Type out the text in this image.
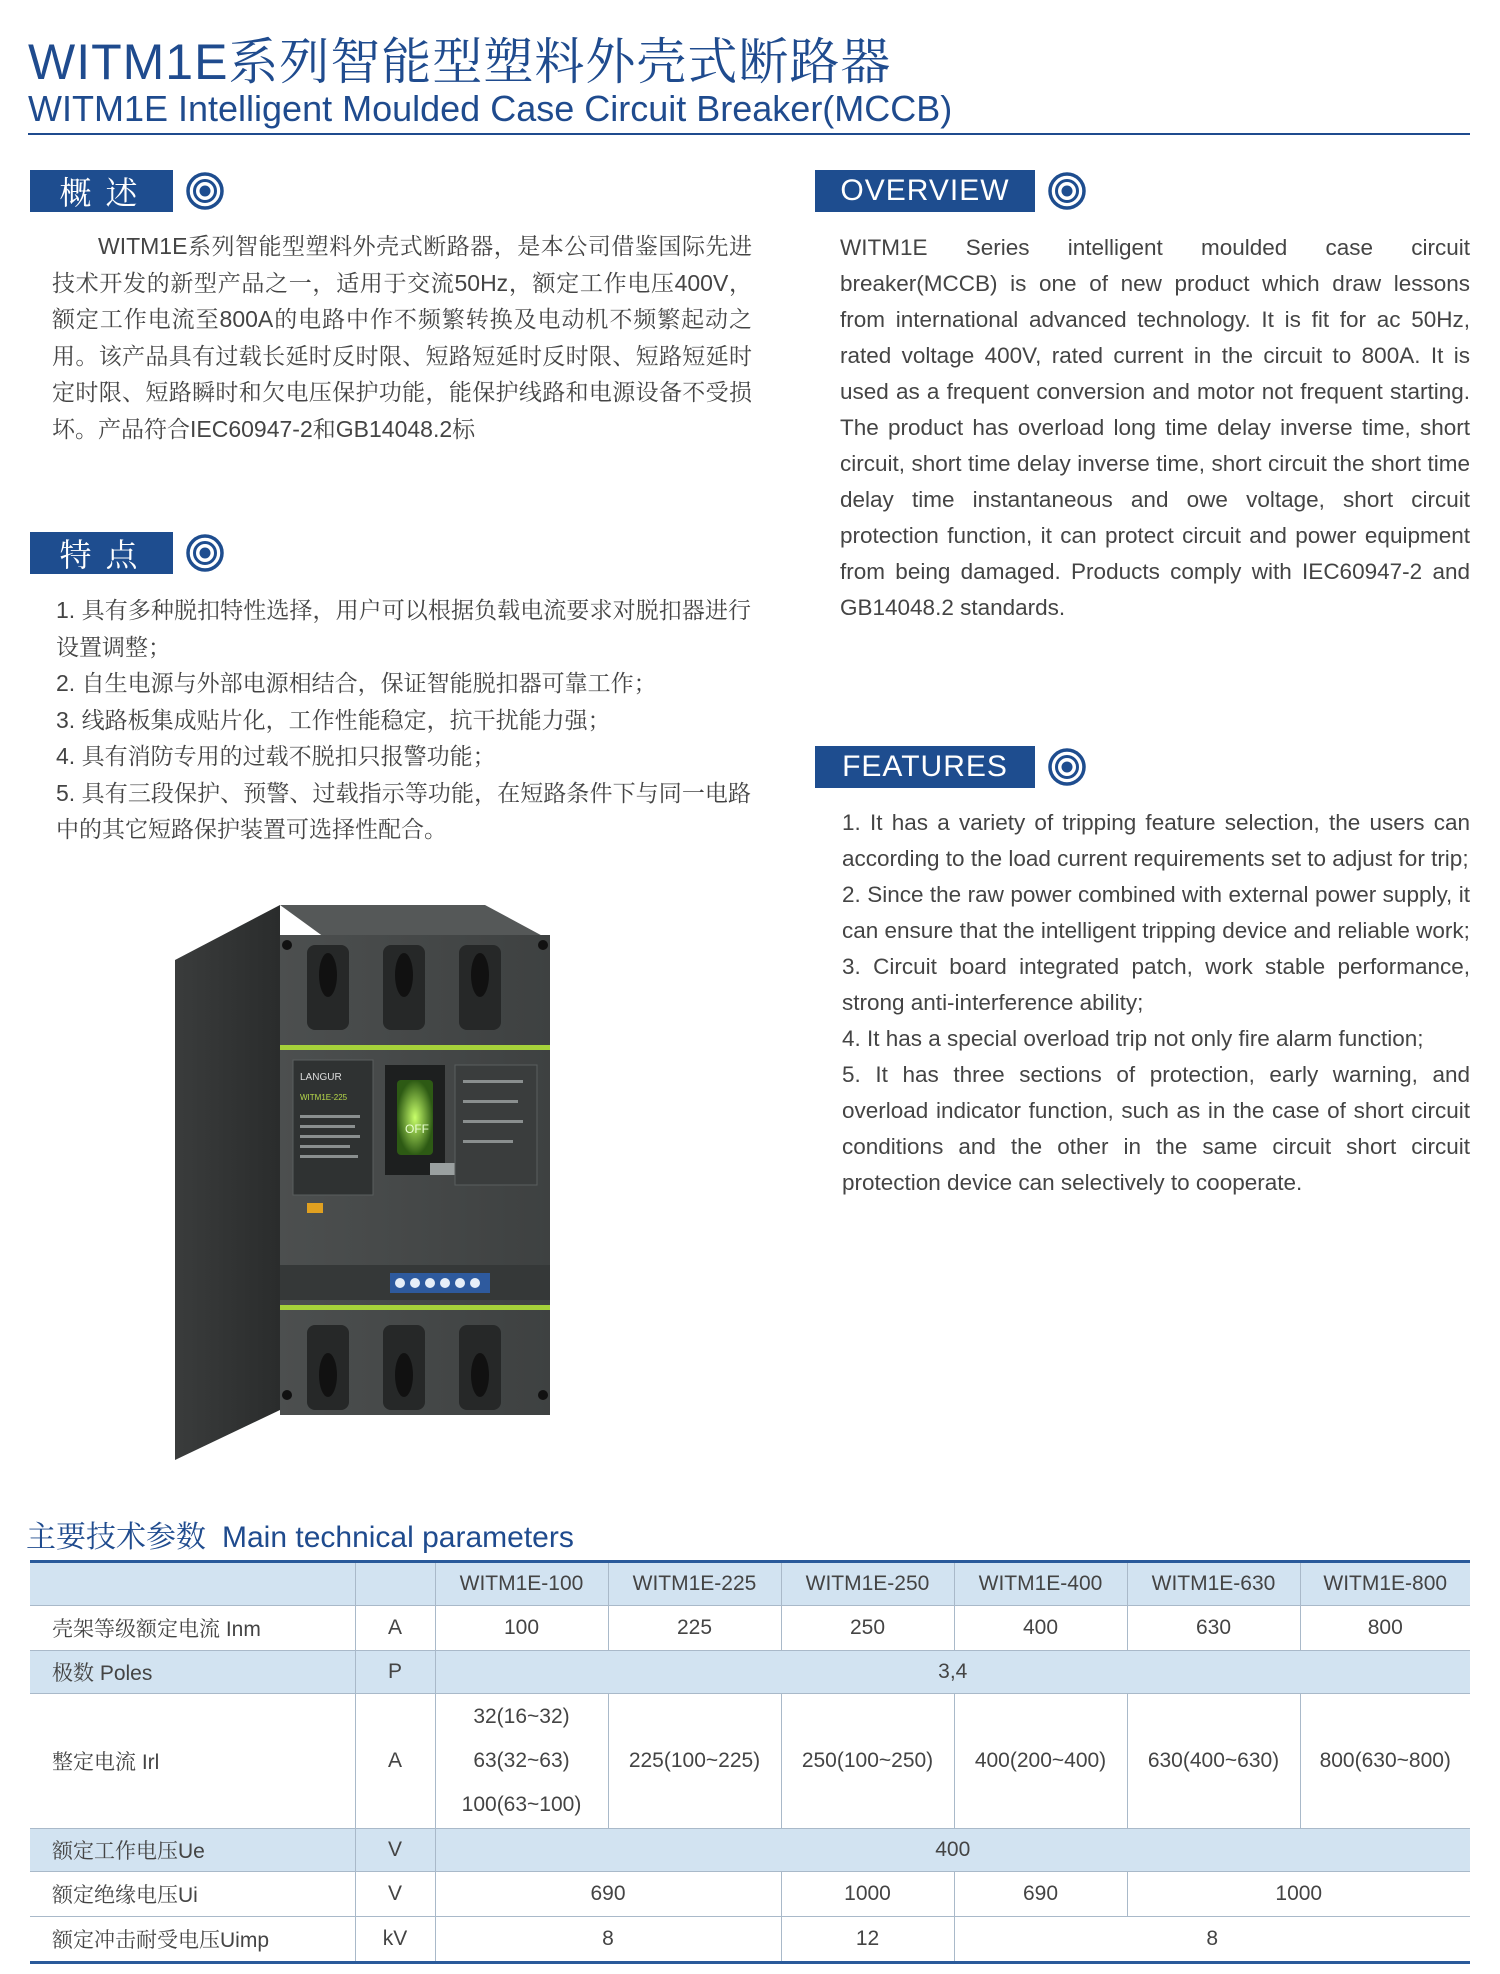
WITM1E系列智能型塑料外壳式断路器
WITM1E Intelligent Moulded Case Circuit Breaker(MCCB)
概述
WITM1E系列智能型塑料外壳式断路器，是本公司借鉴国际先进技术开发的新型产品之一，适用于交流50Hz，额定工作电压400V，额定工作电流至800A的电路中作不频繁转换及电动机不频繁起动之用。该产品具有过载长延时反时限、短路短延时反时限、短路短延时定时限、短路瞬时和欠电压保护功能，能保护线路和电源设备不受损坏。产品符合IEC60947-2和GB14048.2标
特点

1. 具有多种脱扣特性选择，用户可以根据负载电流要求对脱扣器进行设置调整；

2. 自生电源与外部电源相结合，保证智能脱扣器可靠工作；

3. 线路板集成贴片化，工作性能稳定，抗干扰能力强；

4. 具有消防专用的过载不脱扣只报警功能；

5. 具有三段保护、预警、过载指示等功能，在短路条件下与同一电路中的其它短路保护装置可选择性配合。

LANGUR
WITM1E-225
OFF
OVERVIEW
WITM1E Series intelligent moulded case circuit breaker(MCCB) is one of new product which draw lessons from international advanced technology. It is fit for ac 50Hz, rated voltage 400V, rated current in the circuit to 800A. It is used as a frequent conversion and motor not frequent starting. The product has overload long time delay inverse time, short circuit, short time delay inverse time, short circuit the short time delay time instantaneous and owe voltage, short circuit protection function, it can protect circuit and power equipment from being damaged. Products comply with IEC60947-2 and GB14048.2 standards.
FEATURES

1. It has a variety of tripping feature selection, the users can according to the load current requirements set to adjust for trip;

2. Since the raw power combined with external power supply, it can ensure that the intelligent tripping device and reliable work;

3. Circuit board integrated patch, work stable performance, strong anti-interference ability;

4. It has a special overload trip not only fire alarm function;

5. It has three sections of protection, early warning, and overload indicator function, such as in the case of short circuit conditions and the other in the same circuit short circuit protection device can selectively to cooperate.

主要技术参数 Main technical parameters
		WITM1E-100	WITM1E-225	WITM1E-250	WITM1E-400	WITM1E-630	WITM1E-800
壳架等级额定电流 Inm	A	100	225	250	400	630	800
极数 Poles	P	3,4					
整定电流 Irl	A	32(16~32)
63(32~63)
100(63~100)	225(100~225)	250(100~250)	400(200~400)	630(400~630)	800(630~800)
额定工作电压Ue	V	400					
额定绝缘电压Ui	V	690		1000	690	1000	
额定冲击耐受电压Uimp	kV	8		12	8		
